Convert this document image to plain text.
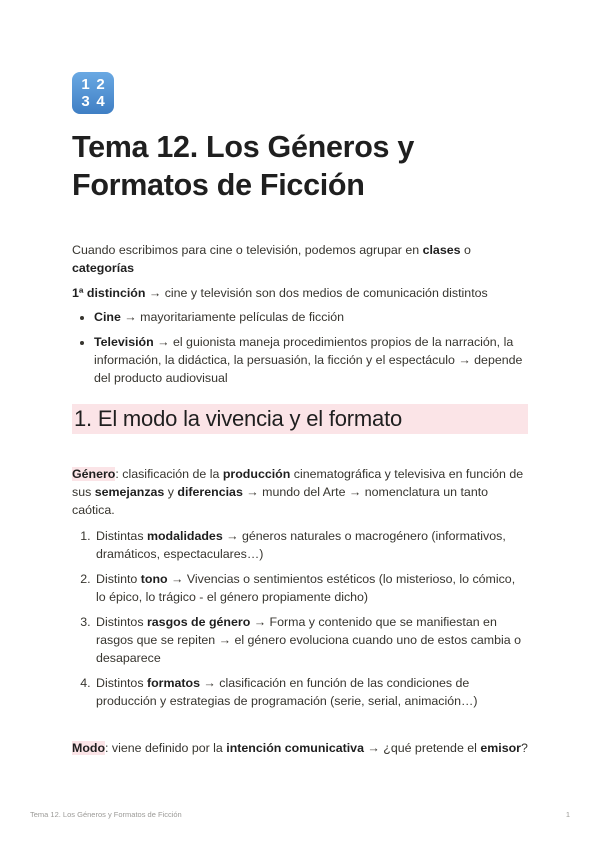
1 2
3 4
Tema 12. Los Géneros y Formatos de Ficción

Cuando escribimos para cine o televisión, podemos agrupar en clases o categorías

1ª distinción → cine y televisión son dos medios de comunicación distintos

• Cine → mayoritariamente películas de ficción
• Televisión → el guionista maneja procedimientos propios de la narración, la información, la didáctica, la persuasión, la ficción y el espectáculo → depende del producto audiovisual
1. El modo la vivencia y el formato

Género: clasificación de la producción cinematográfica y televisiva en función de sus semejanzas y diferencias → mundo del Arte → nomenclatura un tanto caótica.

1. Distintas modalidades → géneros naturales o macrogénero (informativos, dramáticos, espectaculares…)
2. Distinto tono → Vivencias o sentimientos estéticos (lo misterioso, lo cómico, lo épico, lo trágico - el género propiamente dicho)
3. Distintos rasgos de género → Forma y contenido que se manifiestan en rasgos que se repiten → el género evoluciona cuando uno de estos cambia o desaparece
4. Distintos formatos → clasificación en función de las condiciones de producción y estrategias de programación (serie, serial, animación…)

Modo: viene definido por la intención comunicativa → ¿qué pretende el emisor?

Tema 12. Los Géneros y Formatos de Ficción	1
